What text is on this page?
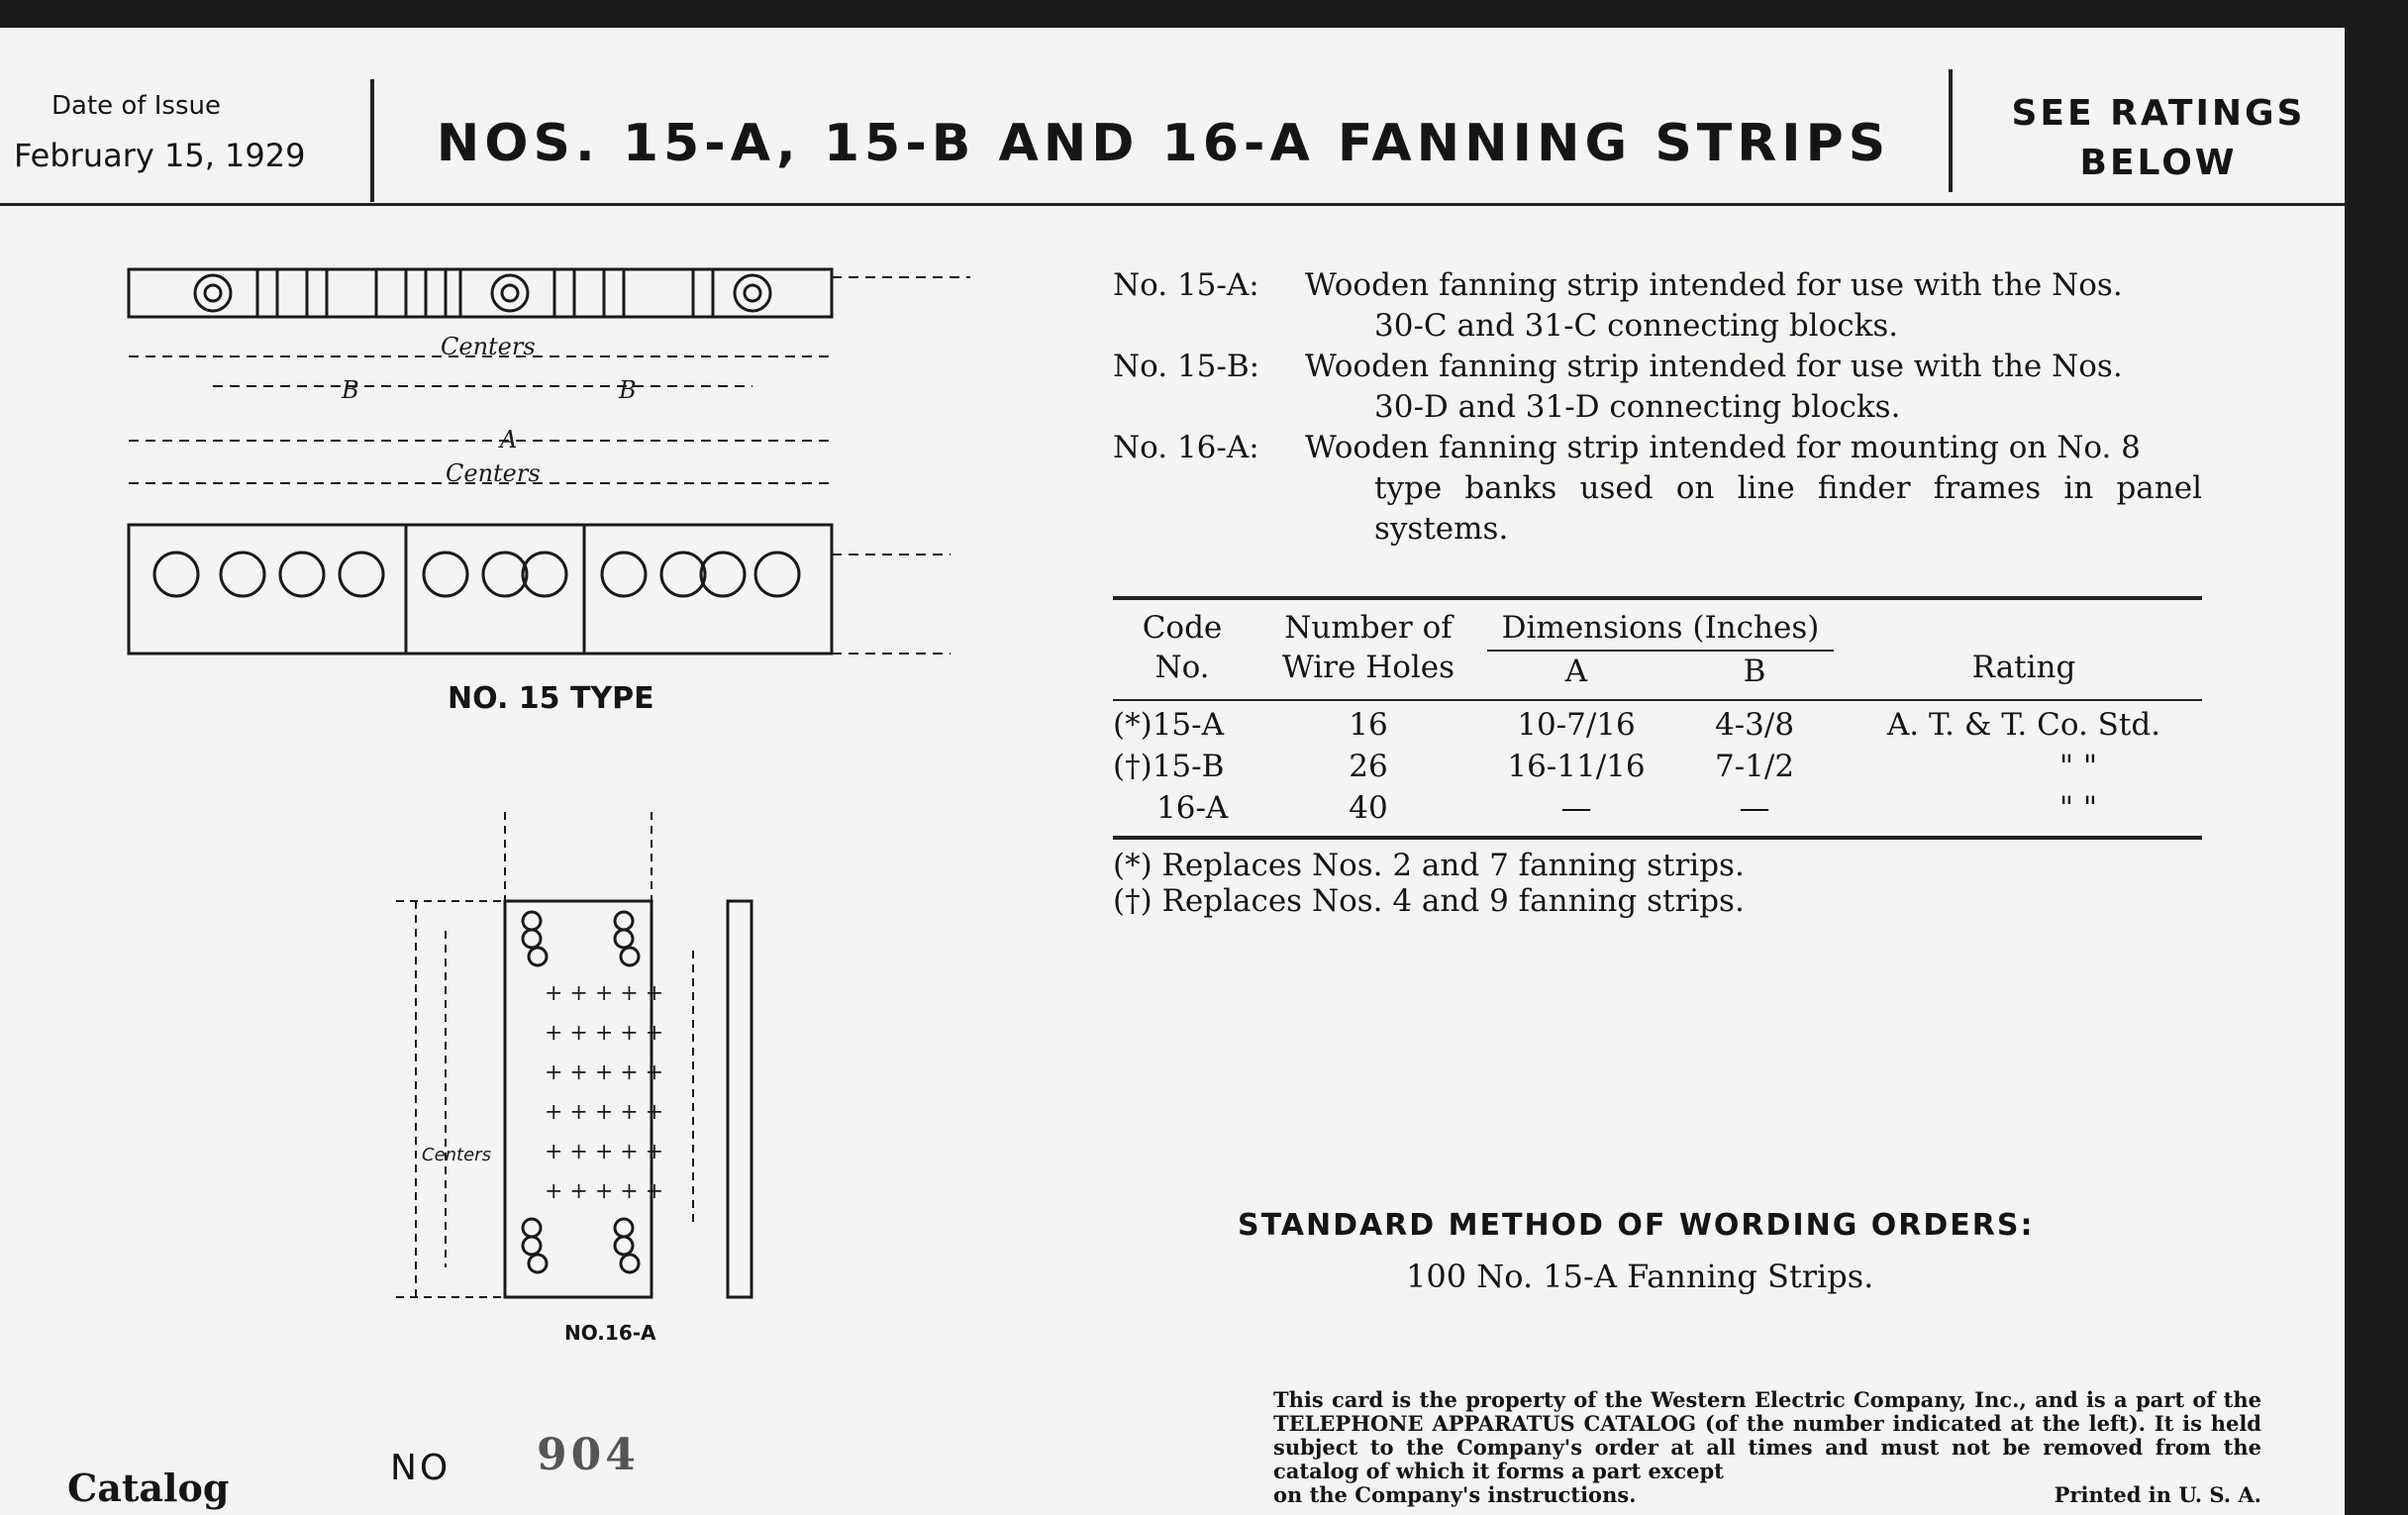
Date of Issue
February 15, 1929	NOS. 15-A, 15-B AND 16-A FANNING STRIPS
SEE RATINGS
BELOW
Centers
Centers
B	B
A
NO. 15 TYPE
+ + + + +
+ + + + +
+ + + + +
+ + + + +
+ + + + +
+ + + + +
Centers
NO.16-A
No. 15-A: Wooden fanning strip intended for use with the Nos.
30-C and 31-C connecting blocks.
No. 15-B: Wooden fanning strip intended for use with the Nos.
30-D and 31-D connecting blocks.
No. 16-A: Wooden fanning strip intended for mounting on No. 8
type banks used on line finder frames in panel systems.
Code
No.
Number of
Wire Holes
Dimensions (Inches)
A	B	Rating
(*)15-A	16	10-7/16	4-3/8	A. T. & T. Co. Std.
(†)15-B	26	16-11/16	7-1/2	" "
16-A	40	—	—	" "
(*) Replaces Nos. 2 and 7 fanning strips.
(†) Replaces Nos. 4 and 9 fanning strips.
STANDARD METHOD OF WORDING ORDERS:
100 No. 15-A Fanning Strips.
This card is the property of the Western Electric Company, Inc., and is a part of the TELEPHONE APPARATUS CATALOG (of the number indicated at the left). It is held subject to the Company's order at all times and must not be removed from the catalog of which it forms a part except
on the Company's instructions.	Printed in U. S. A.
Catalog	NO 904
